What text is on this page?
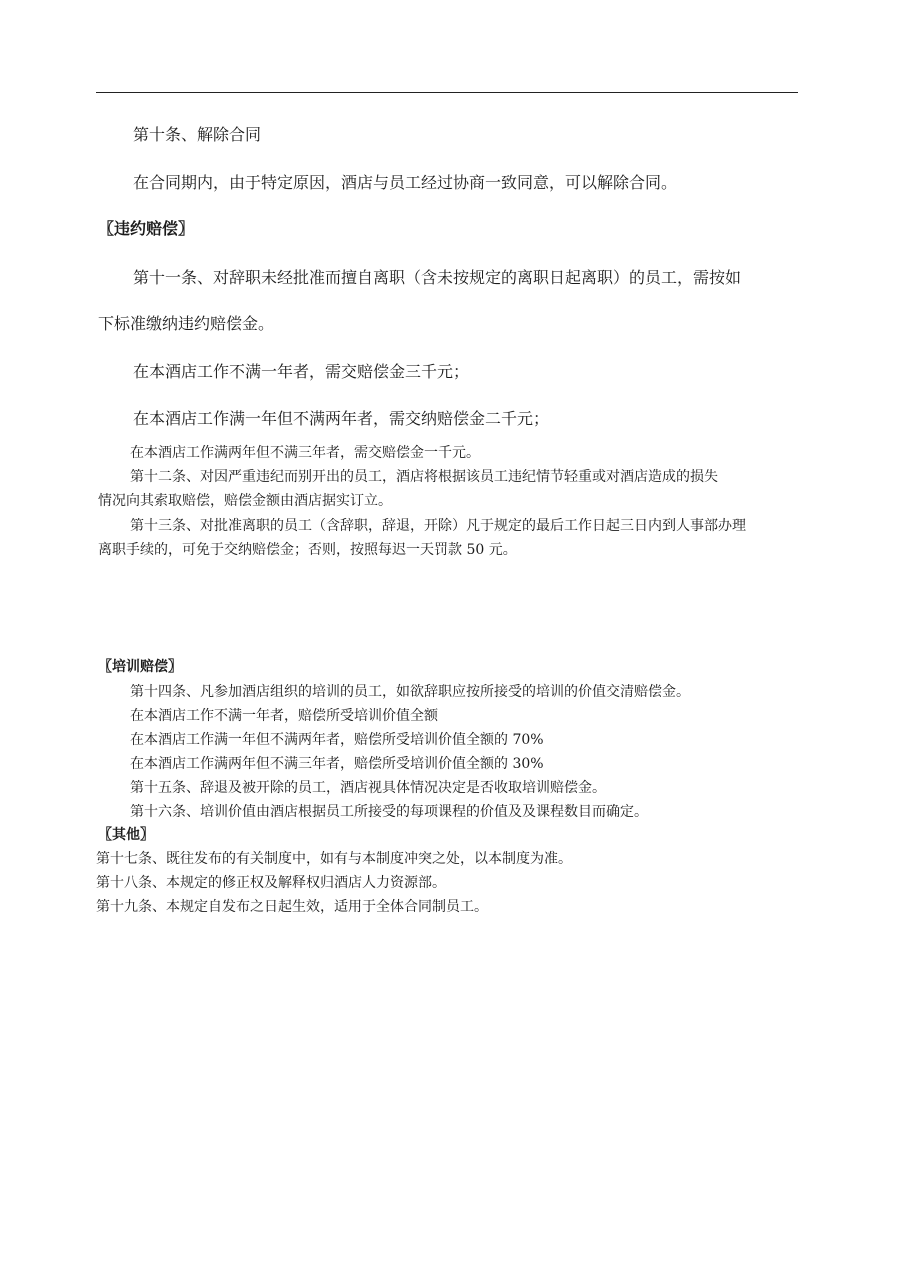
第十条、解除合同
在合同期内，由于特定原因，酒店与员工经过协商一致同意，可以解除合同。
〖违约赔偿〗
第十一条、对辞职未经批准而擅自离职（含未按规定的离职日起离职）的员工，需按如
下标准缴纳违约赔偿金。
在本酒店工作不满一年者，需交赔偿金三千元；
在本酒店工作满一年但不满两年者，需交纳赔偿金二千元；
在本酒店工作满两年但不满三年者，需交赔偿金一千元。
第十二条、对因严重违纪而别开出的员工，酒店将根据该员工违纪情节轻重或对酒店造成的损失
情况向其索取赔偿，赔偿金额由酒店据实订立。
第十三条、对批准离职的员工（含辞职，辞退，开除）凡于规定的最后工作日起三日内到人事部办理
离职手续的，可免于交纳赔偿金；否则，按照每迟一天罚款 50 元。
〖培训赔偿〗
第十四条、凡参加酒店组织的培训的员工，如欲辞职应按所接受的培训的价值交清赔偿金。
在本酒店工作不满一年者，赔偿所受培训价值全额
在本酒店工作满一年但不满两年者，赔偿所受培训价值全额的 70%
在本酒店工作满两年但不满三年者，赔偿所受培训价值全额的 30%
第十五条、辞退及被开除的员工，酒店视具体情况决定是否收取培训赔偿金。
第十六条、培训价值由酒店根据员工所接受的每项课程的价值及及课程数目而确定。
〖其他〗
第十七条、既往发布的有关制度中，如有与本制度冲突之处，以本制度为准。
第十八条、本规定的修正权及解释权归酒店人力资源部。
第十九条、本规定自发布之日起生效，适用于全体合同制员工。
